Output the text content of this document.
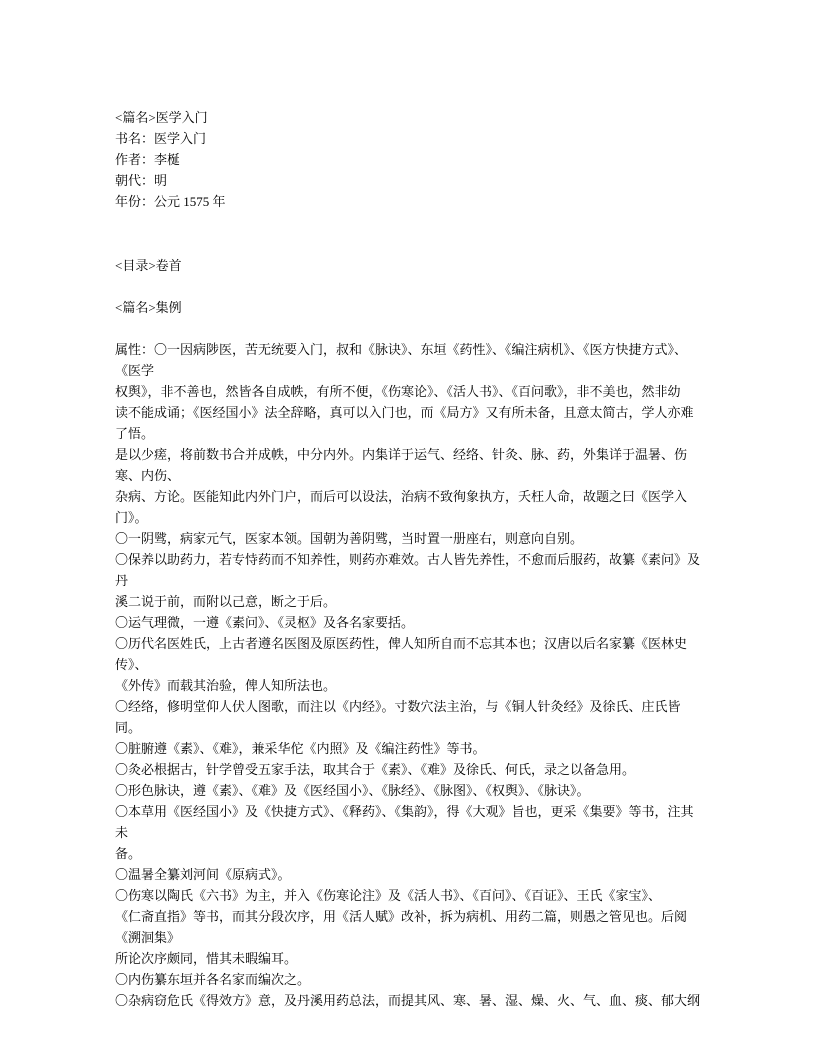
<篇名>医学入门
书名：医学入门
作者：李梴
朝代：明
年份：公元 1575 年
<目录>卷首
<篇名>集例
属性：〇一因病陟医，苦无统要入门，叔和《脉诀》、东垣《药性》、《编注病机》、《医方快捷方式》、《医学
权舆》，非不善也，然皆各自成帙，有所不便，《伤寒论》、《活人书》、《百问歌》，非不美也，然非幼
读不能成诵；《医经国小》法全辞略，真可以入门也，而《局方》又有所未备，且意太简古，学人亦难了悟。
是以少瘥，将前数书合并成帙，中分内外。内集详于运气、经络、针灸、脉、药，外集详于温暑、伤寒、内伤、
杂病、方论。医能知此内外门户，而后可以设法，治病不致徇象执方，夭枉人命，故题之曰《医学入门》。
〇一阴骘，病家元气，医家本领。国朝为善阴骘，当时置一册座右，则意向自别。
〇保养以助药力，若专恃药而不知养性，则药亦难效。古人皆先养性，不愈而后服药，故纂《素问》及丹
溪二说于前，而附以己意，断之于后。
〇运气理微，一遵《素问》、《灵枢》及各名家要括。
〇历代名医姓氏，上古者遵名医图及原医药性，俾人知所自而不忘其本也；汉唐以后名家纂《医林史传》、
《外传》而载其治验，俾人知所法也。
〇经络，修明堂仰人伏人图歌，而注以《内经》。寸数穴法主治，与《铜人针灸经》及徐氏、庄氏皆同。
〇脏腑遵《素》、《难》，兼采华佗《内照》及《编注药性》等书。
〇灸必根据古，针学曾受五家手法，取其合于《素》、《难》及徐氏、何氏，录之以备急用。
〇形色脉诀，遵《素》、《难》及《医经国小》、《脉经》、《脉图》、《权舆》、《脉诀》。
〇本草用《医经国小》及《快捷方式》、《释药》、《集韵》，得《大观》旨也，更采《集要》等书，注其未
备。
〇温暑全纂刘河间《原病式》。
〇伤寒以陶氏《六书》为主，并入《伤寒论注》及《活人书》、《百问》、《百证》、王氏《家宝》、
《仁斋直指》等书，而其分段次序，用《活人赋》改补，拆为病机、用药二篇，则愚之管见也。后阅《溯洄集》
所论次序颇同，惜其未暇编耳。
〇内伤纂东垣并各名家而编次之。
〇杂病窃危氏《得效方》意，及丹溪用药总法，而提其风、寒、暑、湿、燥、火、气、血、痰、郁大纲
